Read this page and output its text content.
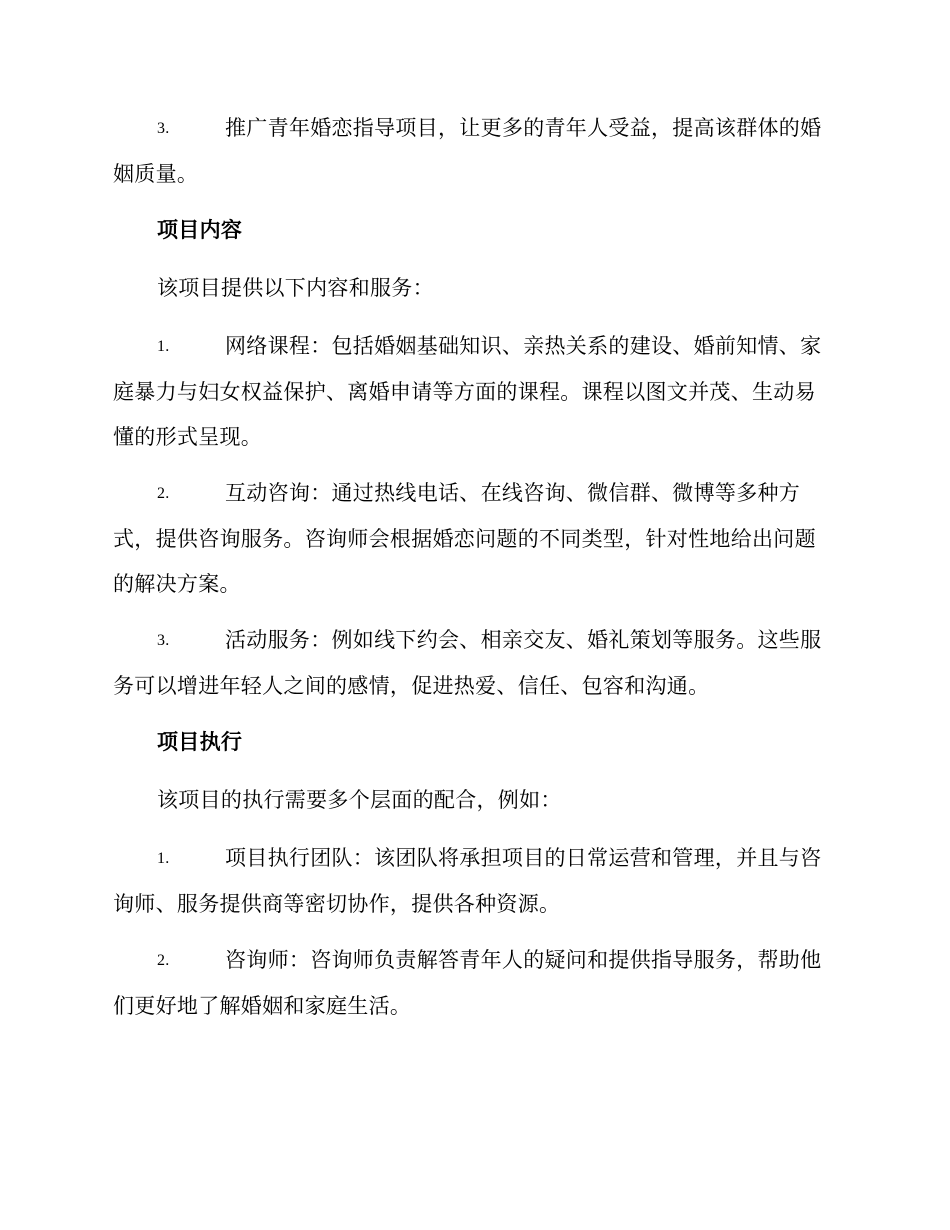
3.	推广青年婚恋指导项目，让更多的青年人受益，提高该群体的婚姻质量。
项目内容
该项目提供以下内容和服务：
1.	网络课程：包括婚姻基础知识、亲热关系的建设、婚前知情、家庭暴力与妇女权益保护、离婚申请等方面的课程。课程以图文并茂、生动易懂的形式呈现。
2.	互动咨询：通过热线电话、在线咨询、微信群、微博等多种方式，提供咨询服务。咨询师会根据婚恋问题的不同类型，针对性地给出问题的解决方案。
3.	活动服务：例如线下约会、相亲交友、婚礼策划等服务。这些服务可以增进年轻人之间的感情，促进热爱、信任、包容和沟通。
项目执行
该项目的执行需要多个层面的配合，例如：
1.	项目执行团队：该团队将承担项目的日常运营和管理，并且与咨询师、服务提供商等密切协作，提供各种资源。
2.	咨询师：咨询师负责解答青年人的疑问和提供指导服务，帮助他们更好地了解婚姻和家庭生活。
